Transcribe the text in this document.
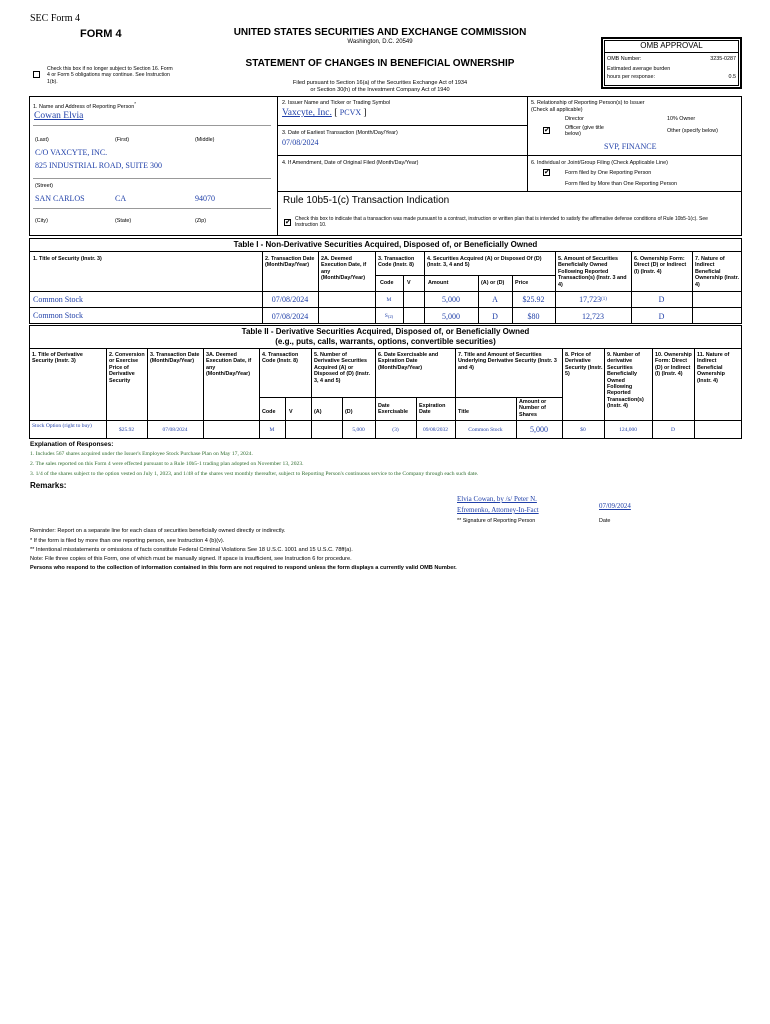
SEC Form 4
FORM 4	UNITED STATES SECURITIES AND EXCHANGE COMMISSION
Washington, D.C. 20549
STATEMENT OF CHANGES IN BENEFICIAL OWNERSHIP
Filed pursuant to Section 16(a) of the Securities Exchange Act of 1934
or Section 30(h) of the Investment Company Act of 1940
Check this box if no longer subject to Section 16. Form 4 or Form 5 obligations may continue. See Instruction 1(b).
OMB APPROVAL
OMB Number:	3235-0287
Estimated average burden
hours per response:	0.5
1. Name and Address of Reporting Person*
Cowan Elvia
(Last)	(First)	(Middle)
C/O VAXCYTE, INC.
825 INDUSTRIAL ROAD, SUITE 300
(Street)
SAN CARLOS	CA	94070
(City)	(State)	(Zip)
2. Issuer Name and Ticker or Trading Symbol
Vaxcyte, Inc. [ PCVX ]
3. Date of Earliest Transaction (Month/Day/Year)
07/08/2024
4. If Amendment, Date of Original Filed (Month/Day/Year)
5. Relationship of Reporting Person(s) to Issuer
(Check all applicable)
Director	10% Owner
✔	Officer (give title below)
Other (specify below)
SVP, FINANCE
6. Individual or Joint/Group Filing (Check Applicable Line)
✔	Form filed by One Reporting Person
Form filed by More than One Reporting Person
Rule 10b5-1(c) Transaction Indication
✔ Check this box to indicate that a transaction was made pursuant to a contract, instruction or written plan that is intended to satisfy the affirmative defense conditions of Rule 10b5-1(c). See Instruction 10.
Table I - Non-Derivative Securities Acquired, Disposed of, or Beneficially Owned
1. Title of Security (Instr. 3)	2. Transaction Date (Month/Day/Year)
2A. Deemed Execution Date, if any (Month/Day/Year)
3. Transaction Code (Instr. 8)
4. Securities Acquired (A) or Disposed Of (D) (Instr. 3, 4 and 5)
5. Amount of Securities Beneficially Owned Following Reported Transaction(s) (Instr. 3 and 4)
6. Ownership Form: Direct (D) or Indirect (I) (Instr. 4)
7. Nature of Indirect Beneficial Ownership (Instr. 4)
Code	V	Amount	(A) or (D) Price
Common Stock	07/08/2024	M	5,000	A	$25.92	17,723 (1)	D
Common Stock	07/08/2024	S (2)	5,000	D	$80	12,723	D
Table II - Derivative Securities Acquired, Disposed of, or Beneficially Owned
(e.g., puts, calls, warrants, options, convertible securities)
1. Title of Derivative Security (Instr. 3)
2. Conversion or Exercise Price of Derivative Security
3. Transaction Date (Month/Day/Year)
3A. Deemed Execution Date, if any (Month/Day/Year)
4. Transaction Code (Instr. 8)
5. Number of Derivative Securities Acquired (A) or Disposed of (D) (Instr. 3, 4 and 5)
6. Date Exercisable and Expiration Date (Month/Day/Year)
7. Title and Amount of Securities Underlying Derivative Security (Instr. 3 and 4)
8. Price of Derivative Security (Instr. 5)
9. Number of derivative Securities Beneficially Owned Following Reported Transaction(s) (Instr. 4)
10. Ownership Form: Direct (D) or Indirect (I) (Instr. 4)
11. Nature of Indirect Beneficial Ownership (Instr. 4)
Code	V	(A)	(D)
Date Exercisable
Expiration Date	Title
Amount or Number of Shares
Stock Option (right to buy)
$25.92	07/08/2024	M	5,000	(3)	09/08/2032	Common Stock	5,000	$0	124,000	D
Explanation of Responses:
1. Includes 567 shares acquired under the Issuer's Employee Stock Purchase Plan on May 17, 2024.
2. The sales reported on this Form 4 were effected pursuant to a Rule 10b5-1 trading plan adopted on November 13, 2023.
3. 1/4 of the shares subject to the option vested on July 1, 2023, and 1/48 of the shares vest monthly thereafter, subject to Reporting Person's continuous service to the Company through each such date.
Remarks:
Elvia Cowan, by /s/ Peter N.
Efremenko, Attorney-In-Fact	07/09/2024
** Signature of Reporting Person	Date
Reminder: Report on a separate line for each class of securities beneficially owned directly or indirectly.
* If the form is filed by more than one reporting person, see Instruction 4 (b)(v).
** Intentional misstatements or omissions of facts constitute Federal Criminal Violations See 18 U.S.C. 1001 and 15 U.S.C. 78ff(a).
Note: File three copies of this Form, one of which must be manually signed. If space is insufficient, see Instruction 6 for procedure.
Persons who respond to the collection of information contained in this form are not required to respond unless the form displays a currently valid OMB Number.
